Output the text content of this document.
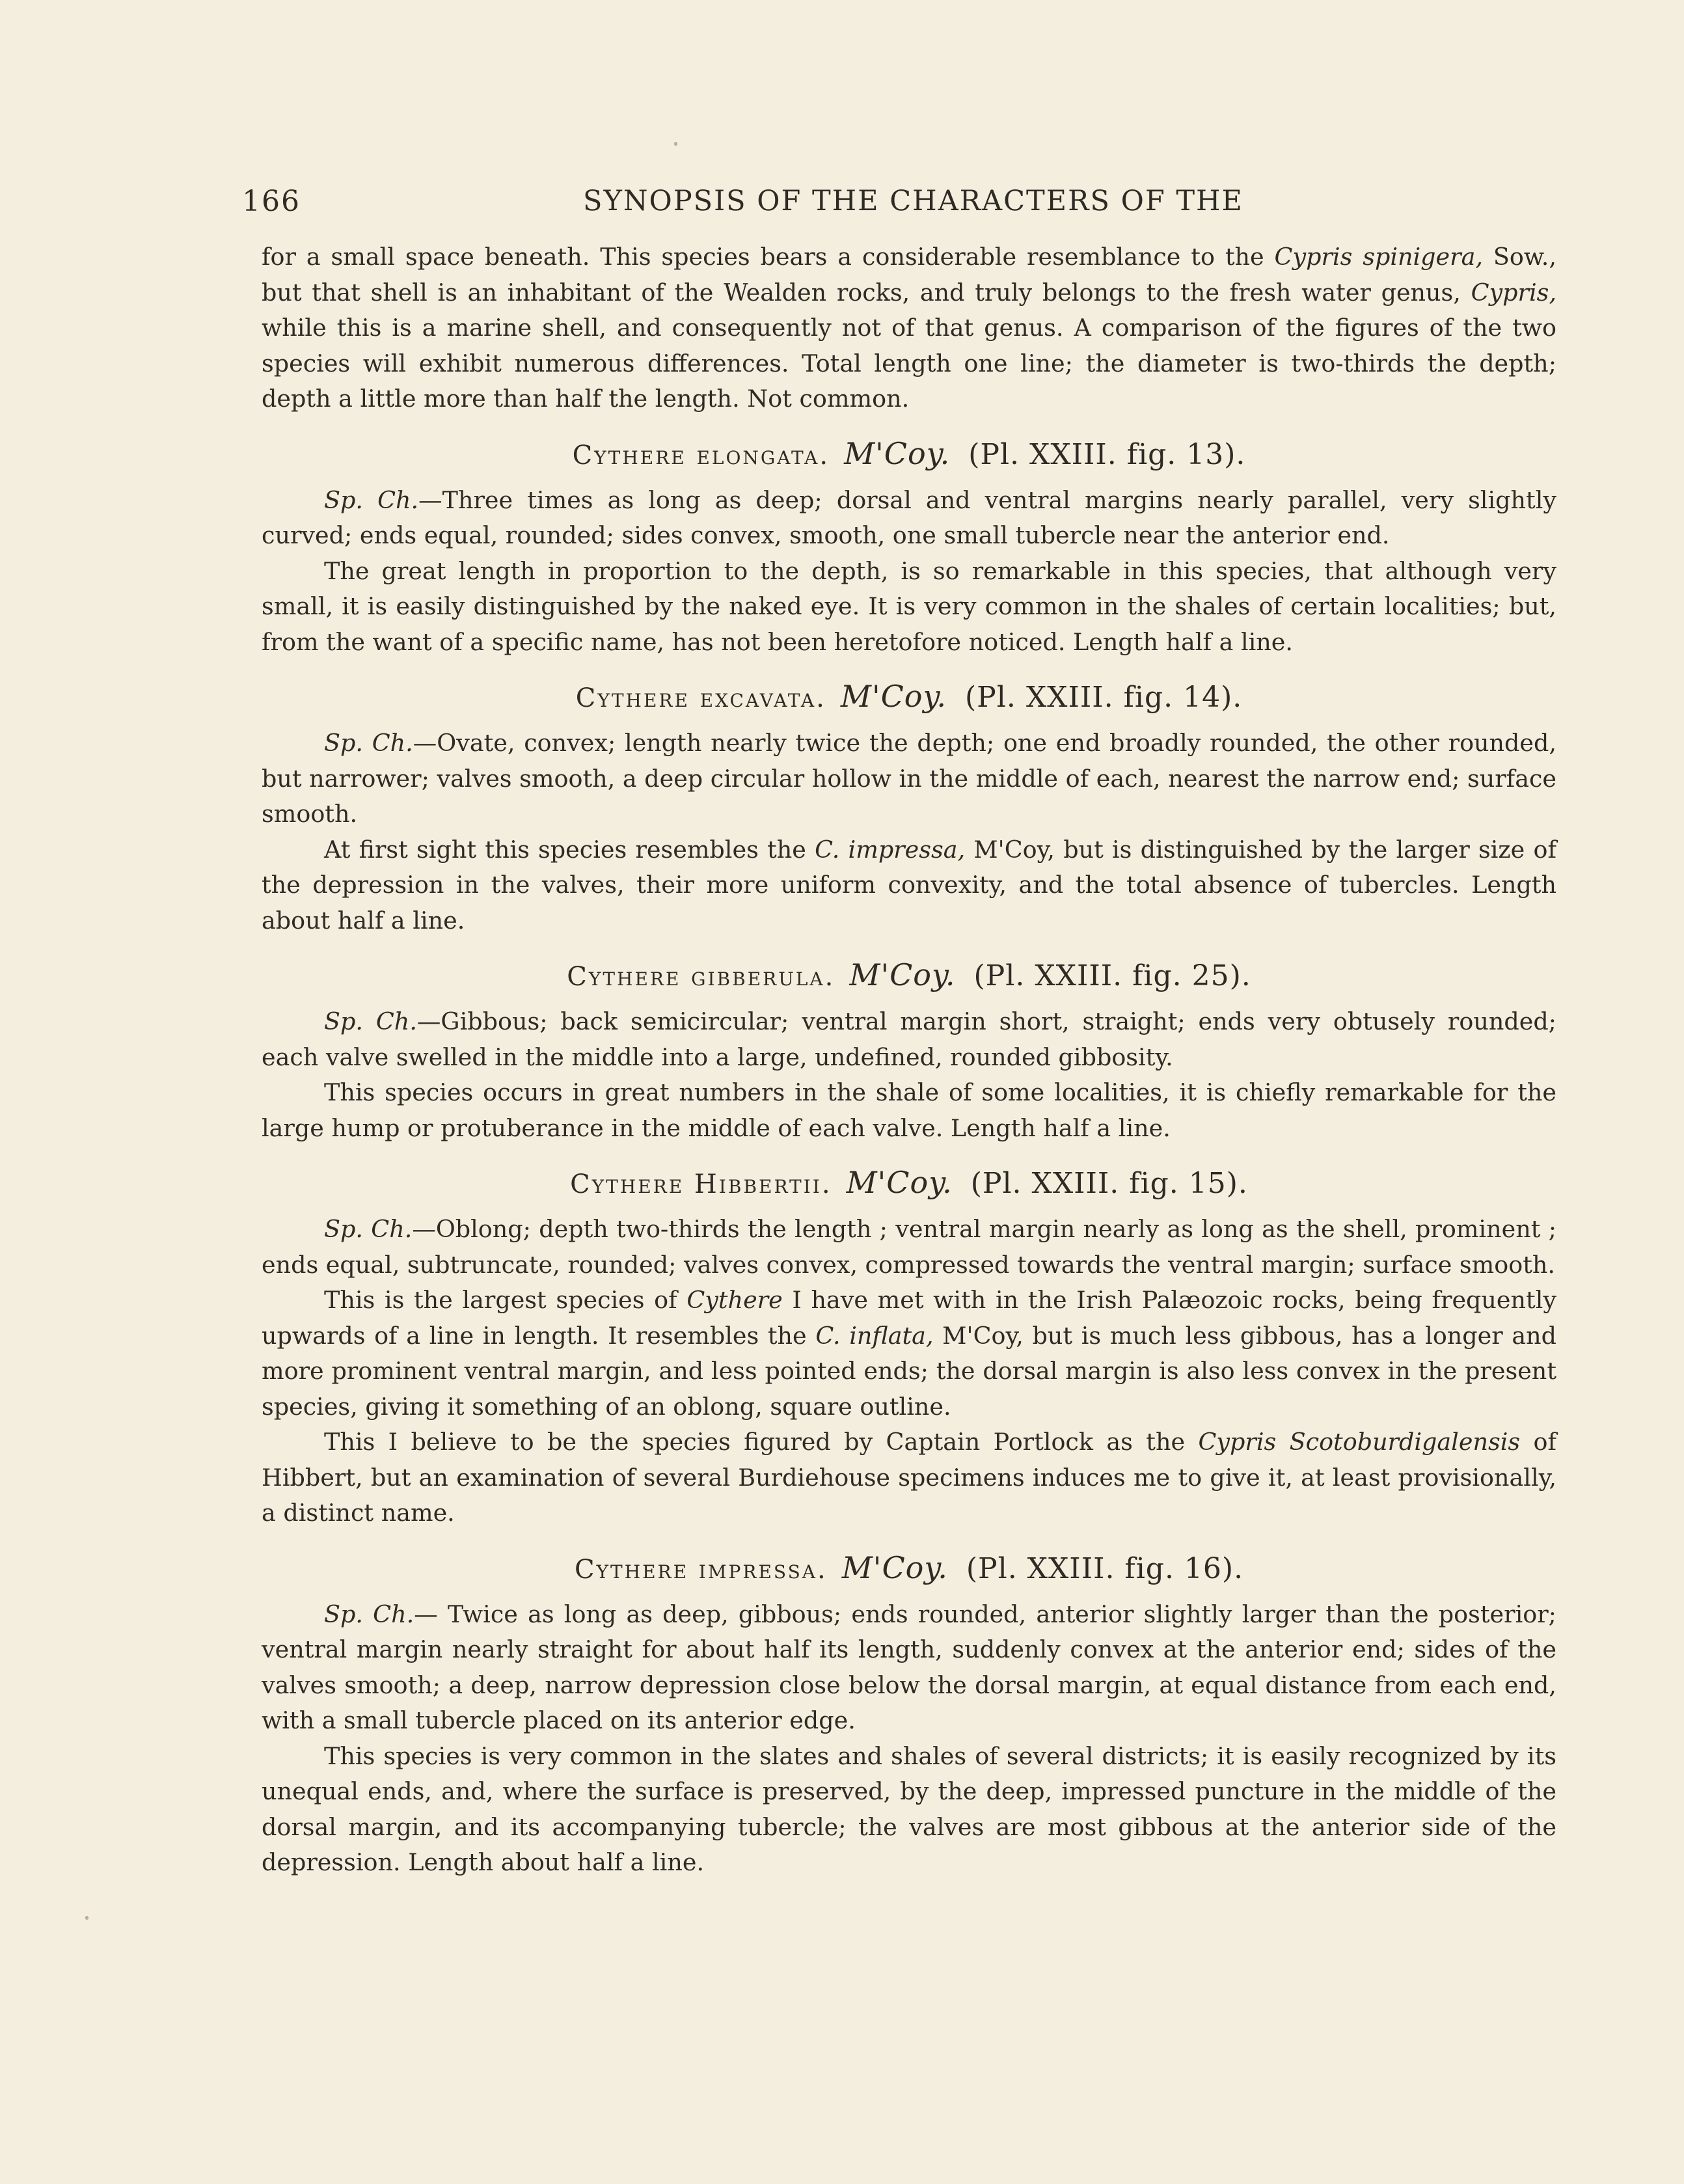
166	SYNOPSIS OF THE CHARACTERS OF THE

for a small space beneath. This species bears a considerable resemblance to the Cypris spinigera, Sow., but that shell is an inhabitant of the Wealden rocks, and truly belongs to the fresh water genus, Cypris, while this is a marine shell, and consequently not of that genus. A comparison of the figures of the two species will exhibit numerous differences. Total length one line; the diameter is two-thirds the depth; depth a little more than half the length. Not common.

Cythere elongata. M'Coy. (Pl. XXIII. fig. 13).

Sp. Ch.—Three times as long as deep; dorsal and ventral margins nearly parallel, very slightly curved; ends equal, rounded; sides convex, smooth, one small tubercle near the anterior end.

The great length in proportion to the depth, is so remarkable in this species, that although very small, it is easily distinguished by the naked eye. It is very common in the shales of certain localities; but, from the want of a specific name, has not been heretofore noticed. Length half a line.

Cythere excavata. M'Coy. (Pl. XXIII. fig. 14).

Sp. Ch.—Ovate, convex; length nearly twice the depth; one end broadly rounded, the other rounded, but narrower; valves smooth, a deep circular hollow in the middle of each, nearest the narrow end; surface smooth.

At first sight this species resembles the C. impressa, M'Coy, but is distinguished by the larger size of the depression in the valves, their more uniform convexity, and the total absence of tubercles. Length about half a line.

Cythere gibberula. M'Coy. (Pl. XXIII. fig. 25).

Sp. Ch.—Gibbous; back semicircular; ventral margin short, straight; ends very obtusely rounded; each valve swelled in the middle into a large, undefined, rounded gibbosity.

This species occurs in great numbers in the shale of some localities, it is chiefly remarkable for the large hump or protuberance in the middle of each valve. Length half a line.

Cythere Hibbertii. M'Coy. (Pl. XXIII. fig. 15).

Sp. Ch.—Oblong; depth two-thirds the length ; ventral margin nearly as long as the shell, prominent ; ends equal, subtruncate, rounded; valves convex, compressed towards the ventral margin; surface smooth.

This is the largest species of Cythere I have met with in the Irish Palæozoic rocks, being frequently upwards of a line in length. It resembles the C. inflata, M'Coy, but is much less gibbous, has a longer and more prominent ventral margin, and less pointed ends; the dorsal margin is also less convex in the present species, giving it something of an oblong, square outline.

This I believe to be the species figured by Captain Portlock as the Cypris Scotoburdigalensis of Hibbert, but an examination of several Burdiehouse specimens induces me to give it, at least provisionally, a distinct name.

Cythere impressa. M'Coy. (Pl. XXIII. fig. 16).

Sp. Ch.— Twice as long as deep, gibbous; ends rounded, anterior slightly larger than the posterior; ventral margin nearly straight for about half its length, suddenly convex at the anterior end; sides of the valves smooth; a deep, narrow depression close below the dorsal margin, at equal distance from each end, with a small tubercle placed on its anterior edge.

This species is very common in the slates and shales of several districts; it is easily recognized by its unequal ends, and, where the surface is preserved, by the deep, impressed puncture in the middle of the dorsal margin, and its accompanying tubercle; the valves are most gibbous at the anterior side of the depression. Length about half a line.
